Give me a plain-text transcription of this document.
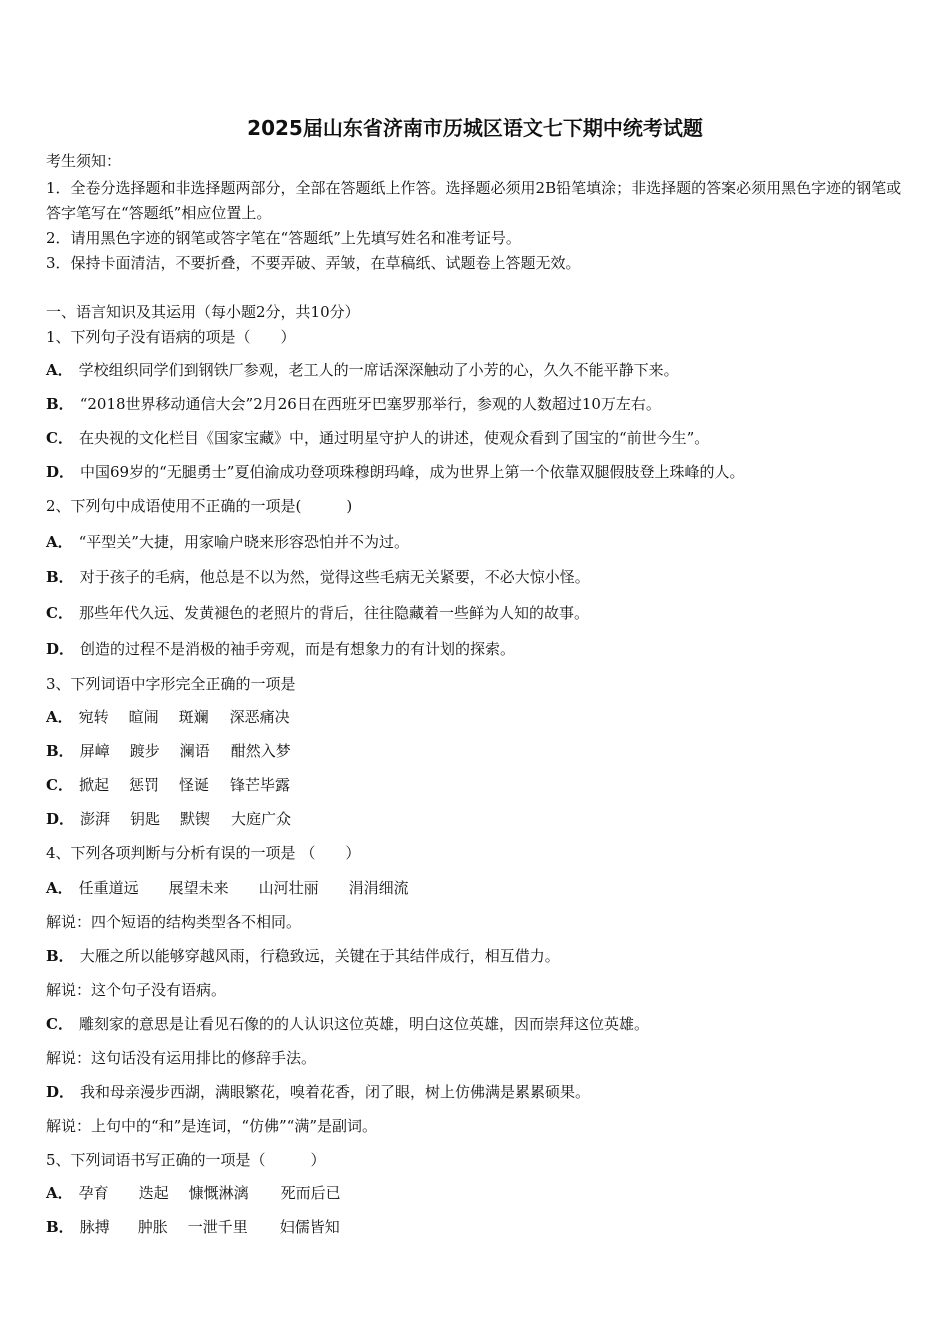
2025届山东省济南市历城区语文七下期中统考试题
考生须知：
1．全卷分选择题和非选择题两部分，全部在答题纸上作答。选择题必须用2B铅笔填涂；非选择题的答案必须用黑色字迹的钢笔或答字笔写在“答题纸”相应位置上。
2．请用黑色字迹的钢笔或答字笔在“答题纸”上先填写姓名和准考证号。
3．保持卡面清洁，不要折叠，不要弄破、弄皱，在草稿纸、试题卷上答题无效。
一、语言知识及其运用（每小题2分，共10分）
1、下列句子没有语病的项是（　　）
A． 学校组织同学们到钢铁厂参观，老工人的一席话深深触动了小芳的心，久久不能平静下来。
B． “2018世界移动通信大会”2月26日在西班牙巴塞罗那举行，参观的人数超过10万左右。
C． 在央视的文化栏目《国家宝藏》中，通过明星守护人的讲述，使观众看到了国宝的“前世今生”。
D． 中国69岁的“无腿勇士”夏伯渝成功登项珠穆朗玛峰，成为世界上第一个依靠双腿假肢登上珠峰的人。
2、下列句中成语使用不正确的一项是(　　　)
A． “平型关”大捷，用家喻户晓来形容恐怕并不为过。
B． 对于孩子的毛病，他总是不以为然，觉得这些毛病无关紧要，不必大惊小怪。
C． 那些年代久远、发黄褪色的老照片的背后，往往隐藏着一些鲜为人知的故事。
D． 创造的过程不是消极的袖手旁观，而是有想象力的有计划的探索。
3、下列词语中字形完全正确的一项是
A． 宛转 暄闹 斑斓 深恶痛决
B． 屏嶂 踱步 澜语 酣然入梦
C． 掀起 惩罚 怪诞 锋芒毕露
D． 澎湃 钥匙 默锲 大庭广众
4、下列各项判断与分析有误的一项是 （　　）
A． 任重道远　　展望未来　　山河壮丽　　涓涓细流
解说：四个短语的结构类型各不相同。
B． 大雁之所以能够穿越风雨，行稳致远，关键在于其结伴成行，相互借力。
解说：这个句子没有语病。
C． 雕刻家的意思是让看见石像的的人认识这位英雄，明白这位英雄，因而崇拜这位英雄。
解说：这句话没有运用排比的修辞手法。
D． 我和母亲漫步西湖，满眼繁花，嗅着花香，闭了眼，树上仿佛满是累累硕果。
解说：上句中的“和”是连词，“仿佛”“满”是副词。
5、下列词语书写正确的一项是（　　　）
A． 孕育 迭起 慷慨淋漓 死而后已
B． 脉搏 肿胀 一泄千里 妇儒皆知
